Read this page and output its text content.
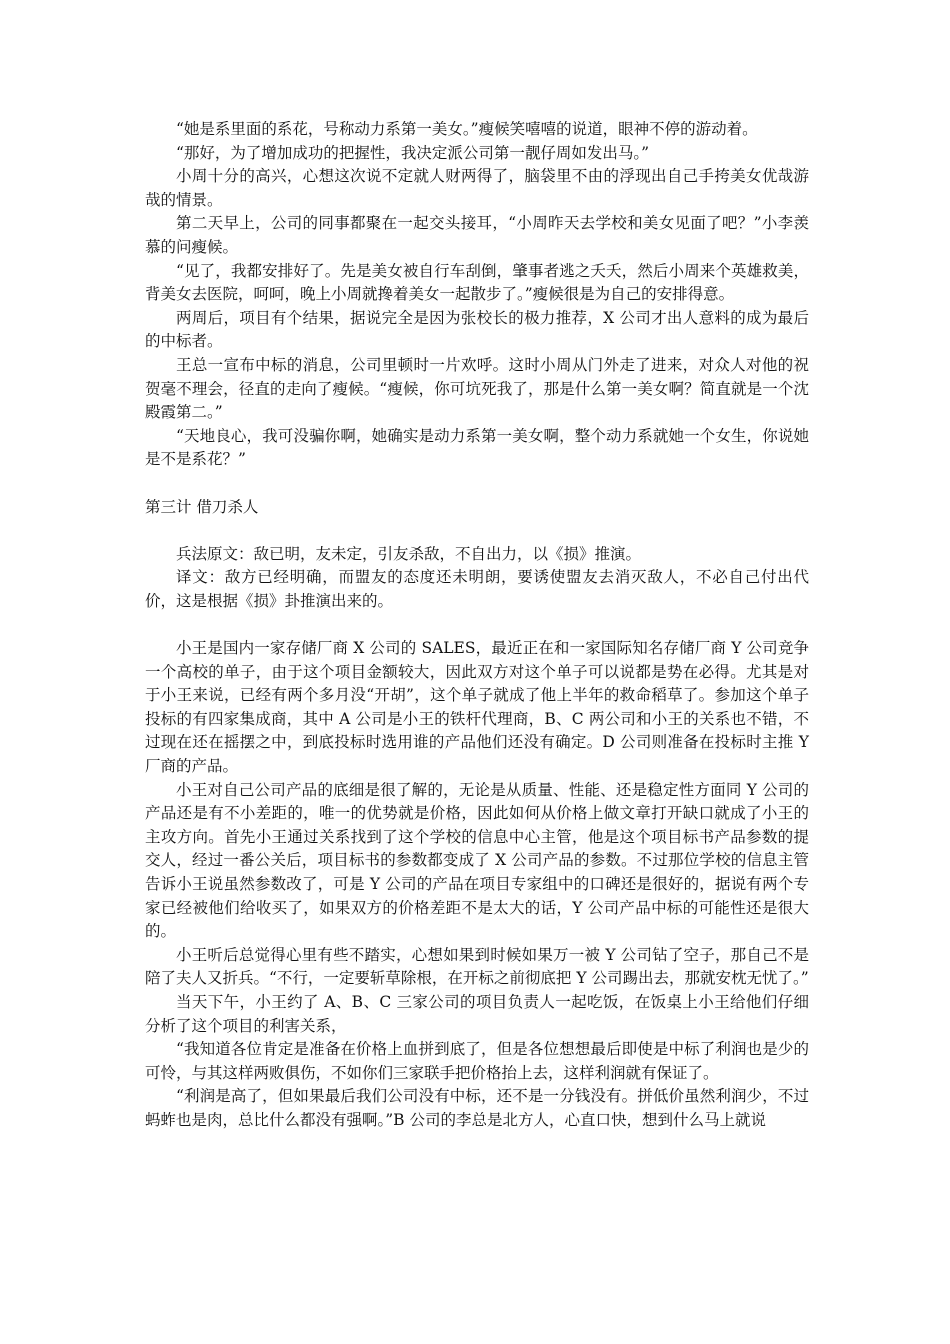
“她是系里面的系花，号称动力系第一美女。”瘦候笑嘻嘻的说道，眼神不停的游动着。

“那好，为了增加成功的把握性，我决定派公司第一靓仔周如发出马。”

小周十分的高兴，心想这次说不定就人财两得了，脑袋里不由的浮现出自己手挎美女优哉游哉的情景。

第二天早上，公司的同事都聚在一起交头接耳，“小周昨天去学校和美女见面了吧？”小李羡慕的问瘦候。

“见了，我都安排好了。先是美女被自行车刮倒，肇事者逃之夭夭，然后小周来个英雄救美，背美女去医院，呵呵，晚上小周就搀着美女一起散步了。”瘦候很是为自己的安排得意。

两周后，项目有个结果，据说完全是因为张校长的极力推荐，X 公司才出人意料的成为最后的中标者。

王总一宣布中标的消息，公司里顿时一片欢呼。这时小周从门外走了进来，对众人对他的祝贺毫不理会，径直的走向了瘦候。“瘦候，你可坑死我了，那是什么第一美女啊？简直就是一个沈殿霞第二。”

“天地良心，我可没骗你啊，她确实是动力系第一美女啊，整个动力系就她一个女生，你说她是不是系花？”

第三计 借刀杀人

兵法原文：敌已明，友未定，引友杀敌，不自出力，以《损》推演。

译文：敌方已经明确，而盟友的态度还未明朗，要诱使盟友去消灭敌人，不必自己付出代价，这是根据《损》卦推演出来的。

小王是国内一家存储厂商 X 公司的 SALES，最近正在和一家国际知名存储厂商 Y 公司竞争一个高校的单子，由于这个项目金额较大，因此双方对这个单子可以说都是势在必得。尤其是对于小王来说，已经有两个多月没“开胡”，这个单子就成了他上半年的救命稻草了。参加这个单子投标的有四家集成商，其中 A 公司是小王的铁杆代理商，B、C 两公司和小王的关系也不错，不过现在还在摇摆之中，到底投标时选用谁的产品他们还没有确定。D 公司则准备在投标时主推 Y 厂商的产品。

小王对自己公司产品的底细是很了解的，无论是从质量、性能、还是稳定性方面同 Y 公司的产品还是有不小差距的，唯一的优势就是价格，因此如何从价格上做文章打开缺口就成了小王的主攻方向。首先小王通过关系找到了这个学校的信息中心主管，他是这个项目标书产品参数的提交人，经过一番公关后，项目标书的参数都变成了 X 公司产品的参数。不过那位学校的信息主管告诉小王说虽然参数改了，可是 Y 公司的产品在项目专家组中的口碑还是很好的，据说有两个专家已经被他们给收买了，如果双方的价格差距不是太大的话，Y 公司产品中标的可能性还是很大的。

小王听后总觉得心里有些不踏实，心想如果到时候如果万一被 Y 公司钻了空子，那自己不是陪了夫人又折兵。“不行，一定要斩草除根，在开标之前彻底把 Y 公司踢出去，那就安枕无忧了。”

当天下午，小王约了 A、B、C 三家公司的项目负责人一起吃饭，在饭桌上小王给他们仔细分析了这个项目的利害关系，

“我知道各位肯定是准备在价格上血拼到底了，但是各位想想最后即使是中标了利润也是少的可怜，与其这样两败俱伤，不如你们三家联手把价格抬上去，这样利润就有保证了。

“利润是高了，但如果最后我们公司没有中标，还不是一分钱没有。拼低价虽然利润少，不过蚂蚱也是肉，总比什么都没有强啊。”B 公司的李总是北方人，心直口快，想到什么马上就说
